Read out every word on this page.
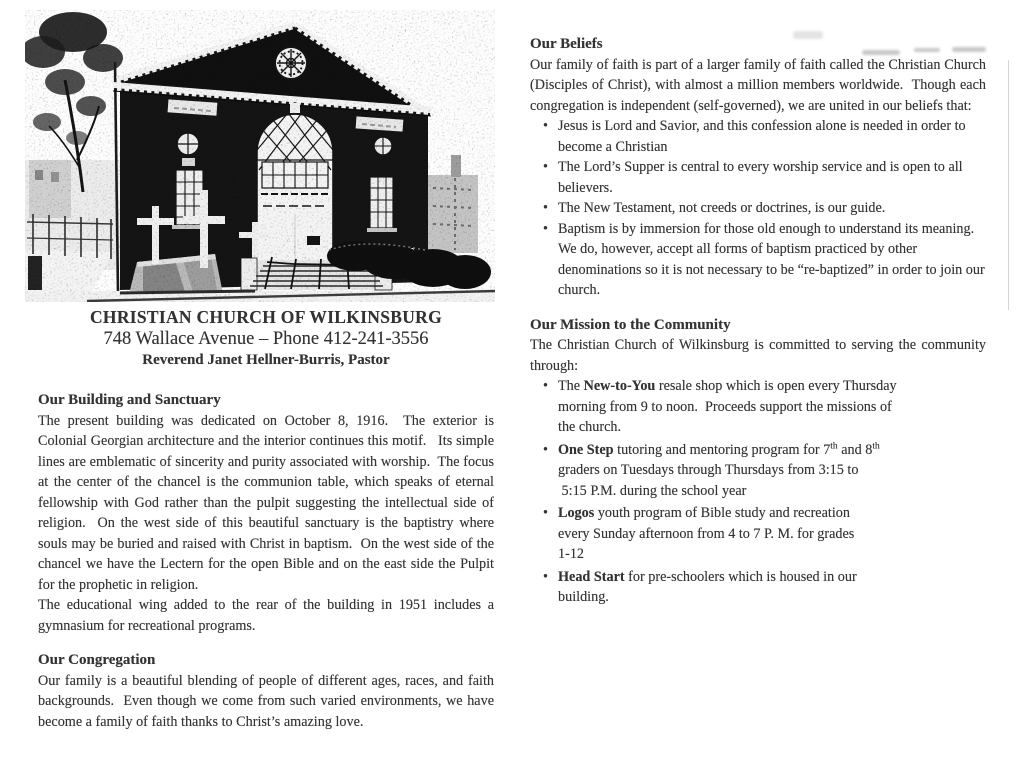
CHRISTIAN CHURCH OF WILKINSBURG
748 Wallace Avenue – Phone 412-241-3556
Reverend Janet Hellner-Burris, Pastor
Our Building and Sanctuary

The present building was dedicated on October 8, 1916.  The exterior is Colonial Georgian architecture and the interior continues this motif.   Its simple lines are emblematic of sincerity and purity associated with worship.  The focus at the center of the chancel is the communion table, which speaks of eternal fellowship with God rather than the pulpit suggesting the intellectual side of religion.  On the west side of this beautiful sanctuary is the baptistry where souls may be buried and raised with Christ in baptism.  On the west side of the chancel we have the Lectern for the open Bible and on the east side the Pulpit for the prophetic in religion.

The educational wing added to the rear of the building in 1951 includes a gymnasium for recreational programs.

Our Congregation

Our family is a beautiful blending of people of different ages, races, and faith backgrounds.  Even though we come from such varied environments, we have become a family of faith thanks to Christ’s amazing love.

Our Beliefs

Our family of faith is part of a larger family of faith called the Christian Church (Disciples of Christ), with almost a million members worldwide.  Though each congregation is independent (self-governed), we are united in our beliefs that:

• Jesus is Lord and Savior, and this confession alone is needed in order to become a Christian
• The Lord’s Supper is central to every worship service and is open to all believers.
• The New Testament, not creeds or doctrines, is our guide.
• Baptism is by immersion for those old enough to understand its meaning.  We do, however, accept all forms of baptism practiced by other denominations so it is not necessary to be “re-baptized” in order to join our church.
Our Mission to the Community

The Christian Church of Wilkinsburg is committed to serving the community through:

• The New-to-You resale shop which is open every Thursday
morning from 9 to noon.  Proceeds support the missions of
the church.
• One Step tutoring and mentoring program for 7th and 8th
graders on Tuesdays through Thursdays from 3:15 to
5:15 P.M. during the school year
• Logos youth program of Bible study and recreation
every Sunday afternoon from 4 to 7 P. M. for grades
1-12
• Head Start for pre-schoolers which is housed in our
building.
